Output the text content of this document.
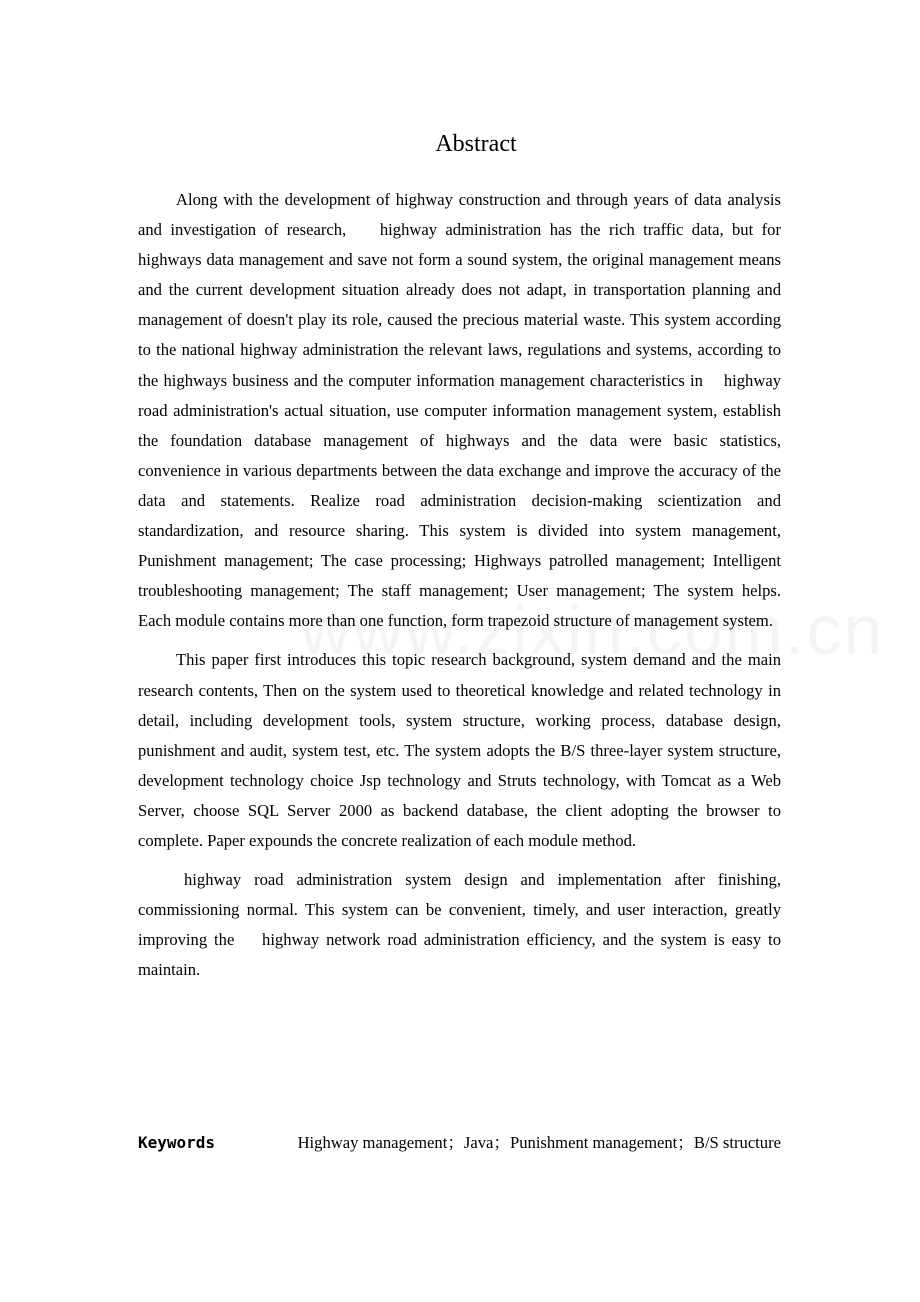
Abstract

Along with the development of highway construction and through years of data analysis and investigation of research,    highway administration has the rich traffic data, but for highways data management and save not form a sound system, the original management means and the current development situation already does not adapt, in transportation planning and management of doesn't play its role, caused the precious material waste. This system according to the national highway administration the relevant laws, regulations and systems, according to the highways business and the computer information management characteristics in    highway road administration's actual situation, use computer information management system, establish the foundation database management of highways and the data were basic statistics, convenience in various departments between the data exchange and improve the accuracy of the data and statements. Realize road administration decision-making scientization and standardization, and resource sharing. This system is divided into system management, Punishment management; The case processing; Highways patrolled management; Intelligent troubleshooting management; The staff management; User management; The system helps. Each module contains more than one function, form trapezoid structure of management system.

This paper first introduces this topic research background, system demand and the main research contents, Then on the system used to theoretical knowledge and related technology in detail, including development tools, system structure, working process, database design, punishment and audit, system test, etc. The system adopts the B/S three-layer system structure, development technology choice Jsp technology and Struts technology, with Tomcat as a Web Server, choose SQL Server 2000 as backend database, the client adopting the browser to complete. Paper expounds the concrete realization of each module method.

highway road administration system design and implementation after finishing, commissioning normal. This system can be convenient, timely, and user interaction, greatly improving the    highway network road administration efficiency, and the system is easy to maintain.

Keywords	Highway management；Java；Punishment management；B/S structure
